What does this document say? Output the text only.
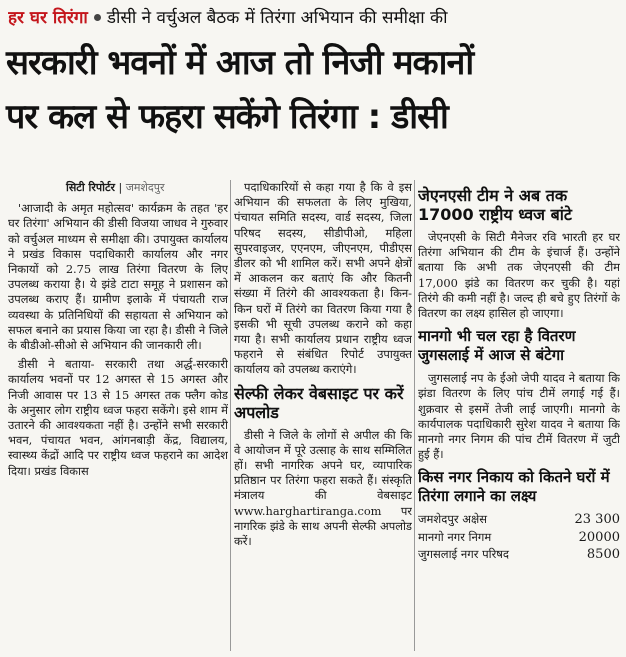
हर घर तिरंगा डीसी ने वर्चुअल बैठक में तिरंगा अभियान की समीक्षा की
सरकारी भवनों में आज तो निजी मकानों
पर कल से फहरा सकेंगे तिरंगा : डीसी
सिटी रिपोर्टर | जमशेदपुर

'आजादी के अमृत महोत्सव' कार्यक्रम के तहत 'हर घर तिरंगा' अभियान की डीसी विजया जाधव ने गुरुवार को वर्चुअल माध्यम से समीक्षा की। उपायुक्त कार्यालय ने प्रखंड विकास पदाधिकारी कार्यालय और नगर निकायों को 2.75 लाख तिरंगा वितरण के लिए उपलब्ध कराया है। ये झंडे टाटा समूह ने प्रशासन को उपलब्ध कराए हैं। ग्रामीण इलाके में पंचायती राज व्यवस्था के प्रतिनिधियों की सहायता से अभियान को सफल बनाने का प्रयास किया जा रहा है। डीसी ने जिले के बीडीओ-सीओ से अभियान की जानकारी ली।

डीसी ने बताया- सरकारी तथा अर्द्ध-सरकारी कार्यालय भवनों पर 12 अगस्त से 15 अगस्त और निजी आवास पर 13 से 15 अगस्त तक फ्लैग कोड के अनुसार लोग राष्ट्रीय ध्वज फहरा सकेंगे। इसे शाम में उतारने की आवश्यकता नहीं है। उन्होंने सभी सरकारी भवन, पंचायत भवन, आंगनबाड़ी केंद्र, विद्यालय, स्वास्थ्य केंद्रों आदि पर राष्ट्रीय ध्वज फहराने का आदेश दिया। प्रखंड विकास

पदाधिकारियों से कहा गया है कि वे इस अभियान की सफलता के लिए मुखिया, पंचायत समिति सदस्य, वार्ड सदस्य, जिला परिषद सदस्य, सीडीपीओ, महिला सुपरवाइजर, एएनएम, जीएनएम, पीडीएस डीलर को भी शामिल करें। सभी अपने क्षेत्रों में आकलन कर बताएं कि और कितनी संख्या में तिरंगे की आवश्यकता है। किन-किन घरों में तिरंगे का वितरण किया गया है इसकी भी सूची उपलब्ध कराने को कहा गया है। सभी कार्यालय प्रधान राष्ट्रीय ध्वज फहराने से संबंधित रिपोर्ट उपायुक्त कार्यालय को उपलब्ध कराएंगे।

सेल्फी लेकर वेबसाइट पर करें अपलोड

डीसी ने जिले के लोगों से अपील की कि वे आयोजन में पूरे उत्साह के साथ सम्मिलित हों। सभी नागरिक अपने घर, व्यापारिक प्रतिष्ठान पर तिरंगा फहरा सकते हैं। संस्कृति मंत्रालय की वेबसाइट www.harghartiranga.com पर नागरिक झंडे के साथ अपनी सेल्फी अपलोड करें।

जेएनएसी टीम ने अब तक 17000 राष्ट्रीय ध्वज बांटे

जेएनएसी के सिटी मैनेजर रवि भारती हर घर तिरंगा अभियान की टीम के इंचार्ज हैं। उन्होंने बताया कि अभी तक जेएनएसी की टीम 17,000 झंडे का वितरण कर चुकी है। यहां तिरंगे की कमी नहीं है। जल्द ही बचे हुए तिरंगों के वितरण का लक्ष्य हासिल हो जाएगा।

मानगो भी चल रहा है वितरण जुगसलाई में आज से बंटेगा

जुगसलाई नप के ईओ जेपी यादव ने बताया कि झंडा वितरण के लिए पांच टीमें लगाई गई हैं। शुक्रवार से इसमें तेजी लाई जाएगी। मानगो के कार्यपालक पदाधिकारी सुरेश यादव ने बताया कि मानगो नगर निगम की पांच टीमें वितरण में जुटी हुई हैं।

किस नगर निकाय को कितने घरों में तिरंगा लगाने का लक्ष्य
जमशेदपुर अक्षेस	23 300
मानगो नगर निगम	20000
जुगसलाई नगर परिषद	8500
